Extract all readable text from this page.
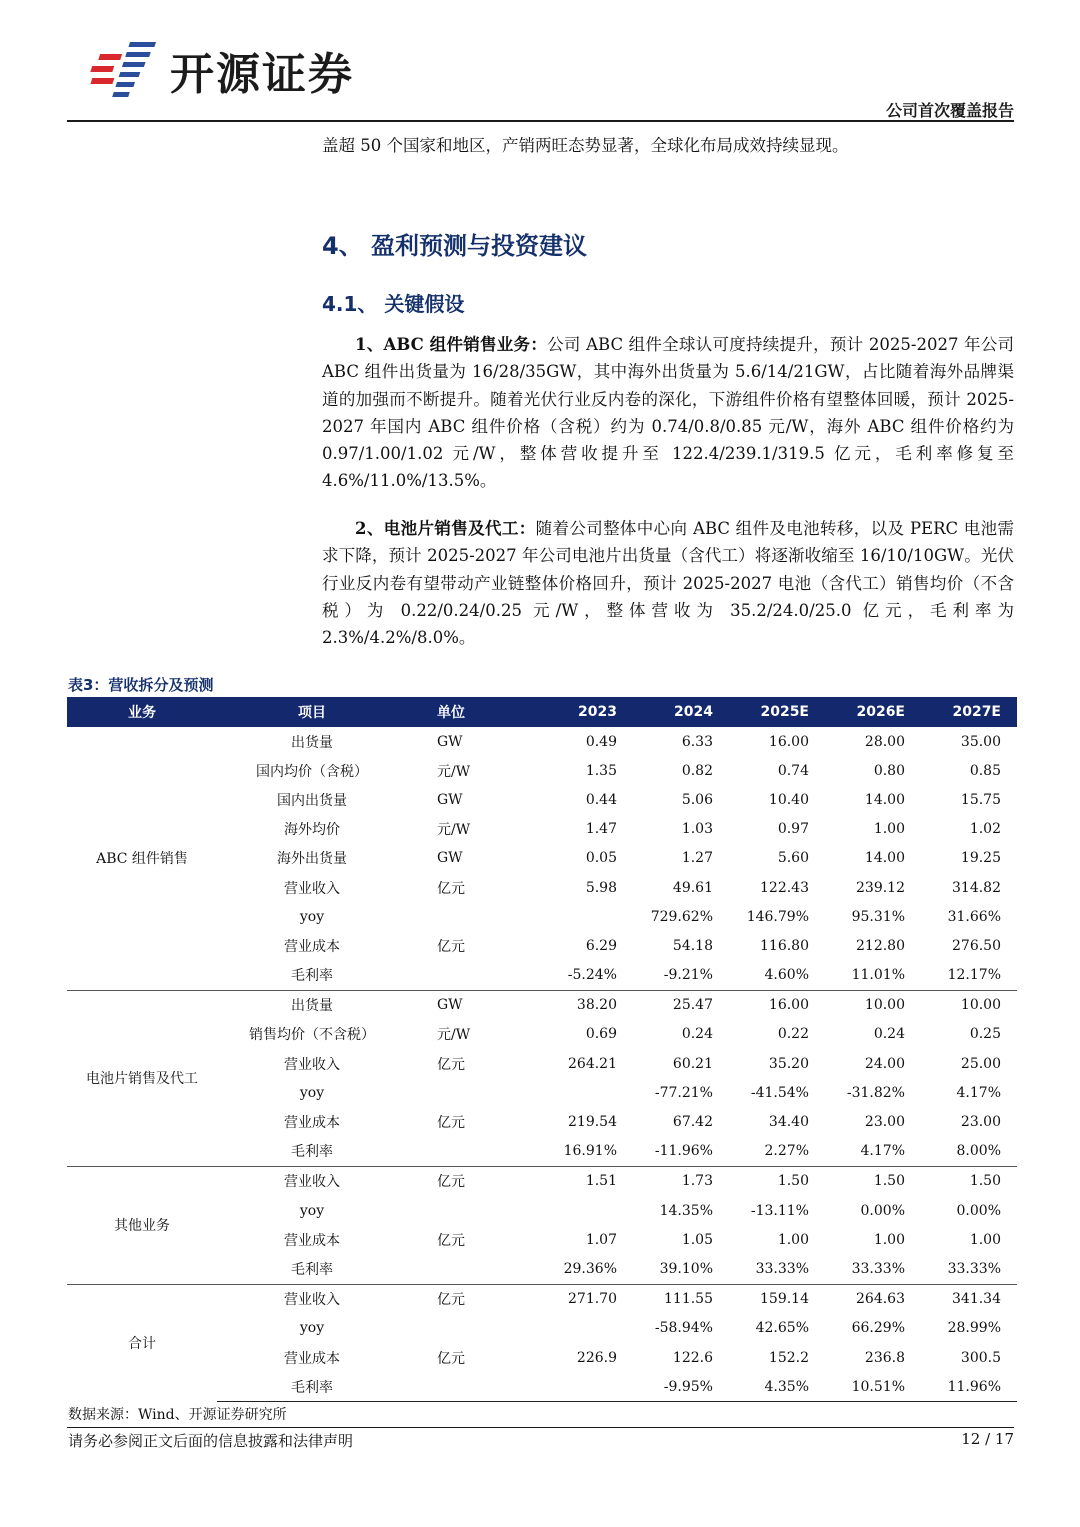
开源证券
公司首次覆盖报告
盖超 50 个国家和地区，产销两旺态势显著，全球化布局成效持续显现。
4、 盈利预测与投资建议
4.1、 关键假设
1、ABC 组件销售业务：公司 ABC 组件全球认可度持续提升，预计 2025-2027 年公司 ABC 组件出货量为 16/28/35GW，其中海外出货量为 5.6/14/21GW，占比随着海外品牌渠道的加强而不断提升。随着光伏行业反内卷的深化，下游组件价格有望整体回暖，预计 2025-2027 年国内 ABC 组件价格（含税）约为 0.74/0.8/0.85 元/W，海外 ABC 组件价格约为 0.97/1.00/1.02 元/W，整体营收提升至 122.4/239.1/319.5 亿元，毛利率修复至 4.6%/11.0%/13.5%。
2、电池片销售及代工：随着公司整体中心向 ABC 组件及电池转移，以及 PERC 电池需求下降，预计 2025-2027 年公司电池片出货量（含代工）将逐渐收缩至 16/10/10GW。光伏行业反内卷有望带动产业链整体价格回升，预计 2025-2027 电池（含代工）销售均价（不含税）为 0.22/0.24/0.25 元/W，整体营收为 35.2/24.0/25.0 亿元，毛利率为 2.3%/4.2%/8.0%。
表3：营收拆分及预测
业务	项目	单位	2023	2024	2025E	2026E	2027E
ABC 组件销售	出货量	GW	0.49	6.33	16.00	28.00	35.00
	国内均价（含税）	元/W	1.35	0.82	0.74	0.80	0.85
	国内出货量	GW	0.44	5.06	10.40	14.00	15.75
	海外均价	元/W	1.47	1.03	0.97	1.00	1.02
	海外出货量	GW	0.05	1.27	5.60	14.00	19.25
	营业收入	亿元	5.98	49.61	122.43	239.12	314.82
	yoy			729.62%	146.79%	95.31%	31.66%
	营业成本	亿元	6.29	54.18	116.80	212.80	276.50
	毛利率		-5.24%	-9.21%	4.60%	11.01%	12.17%
电池片销售及代工	出货量	GW	38.20	25.47	16.00	10.00	10.00
	销售均价（不含税）	元/W	0.69	0.24	0.22	0.24	0.25
	营业收入	亿元	264.21	60.21	35.20	24.00	25.00
	yoy			-77.21%	-41.54%	-31.82%	4.17%
	营业成本	亿元	219.54	67.42	34.40	23.00	23.00
	毛利率		16.91%	-11.96%	2.27%	4.17%	8.00%
其他业务	营业收入	亿元	1.51	1.73	1.50	1.50	1.50
	yoy			14.35%	-13.11%	0.00%	0.00%
	营业成本	亿元	1.07	1.05	1.00	1.00	1.00
	毛利率		29.36%	39.10%	33.33%	33.33%	33.33%
合计	营业收入	亿元	271.70	111.55	159.14	264.63	341.34
	yoy			-58.94%	42.65%	66.29%	28.99%
	营业成本	亿元	226.9	122.6	152.2	236.8	300.5
	毛利率			-9.95%	4.35%	10.51%	11.96%
数据来源：Wind、开源证券研究所
请务必参阅正文后面的信息披露和法律声明	12 / 17
